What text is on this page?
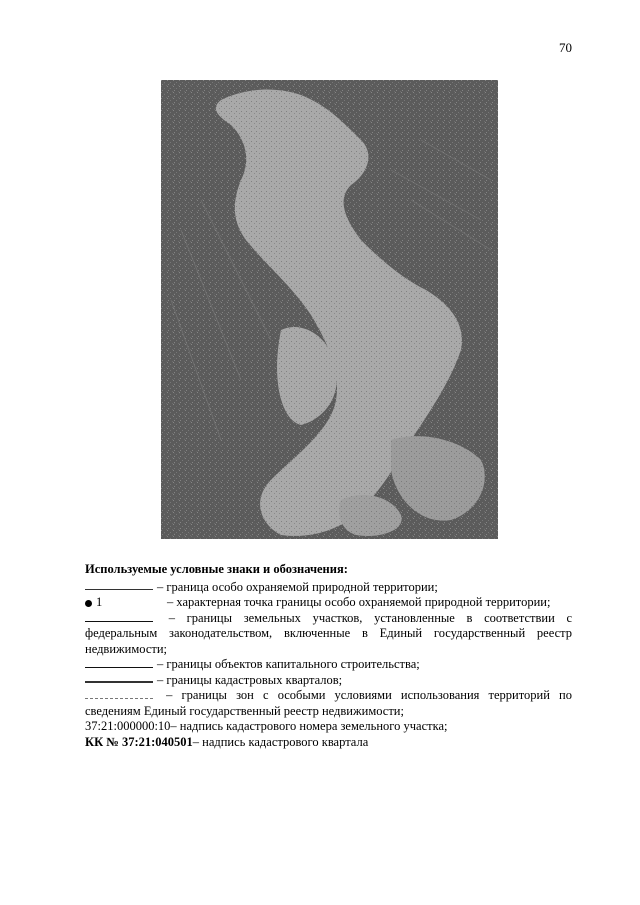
70
Используемые условные знаки и обозначения:
– граница особо охраняемой природной территории;
1	– характерная точка границы особо охраняемой природной территории;
– границы земельных участков, установленные в соответствии с федеральным законодательством, включенные в Единый государственный реестр недвижимости;
– границы объектов капитального строительства;
– границы кадастровых кварталов;
– границы зон с особыми условиями использования территорий по сведениям Единый государственный реестр недвижимости;
37:21:000000:10 – надпись кадастрового номера земельного участка;
КК № 37:21:040501 – надпись кадастрового квартала
